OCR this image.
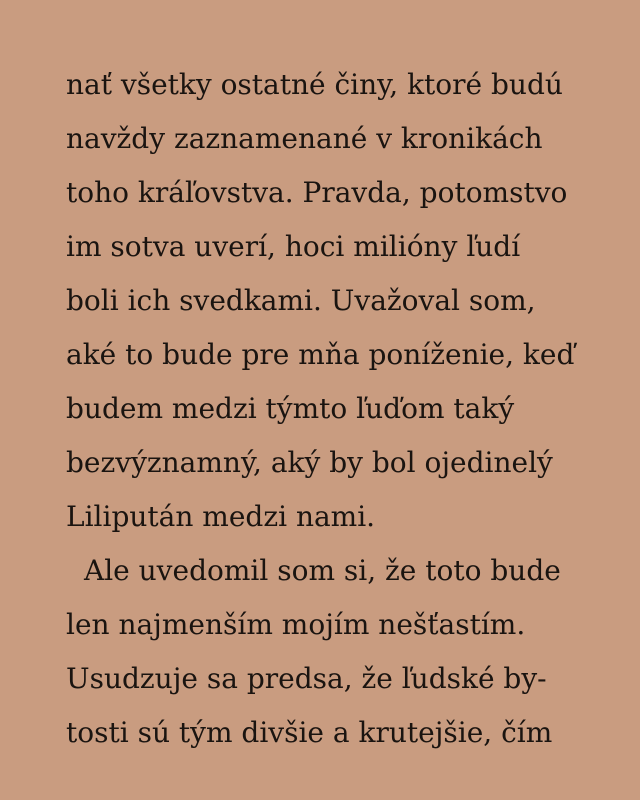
nať všetky ostatné činy, ktoré budú
navždy zaznamenané v kronikách
toho kráľovstva. Pravda, potomstvo
im sotva uverí, hoci milióny ľudí
boli ich svedkami. Uvažoval som,
aké to bude pre mňa poníženie, keď
budem medzi týmto ľuďom taký
bezvýznamný, aký by bol ojedinelý
Lilipután medzi nami.
Ale uvedomil som si, že toto bude
len najmenším mojím nešťastím.
Usudzuje sa predsa, že ľudské by-
tosti sú tým divšie a krutejšie, čím
